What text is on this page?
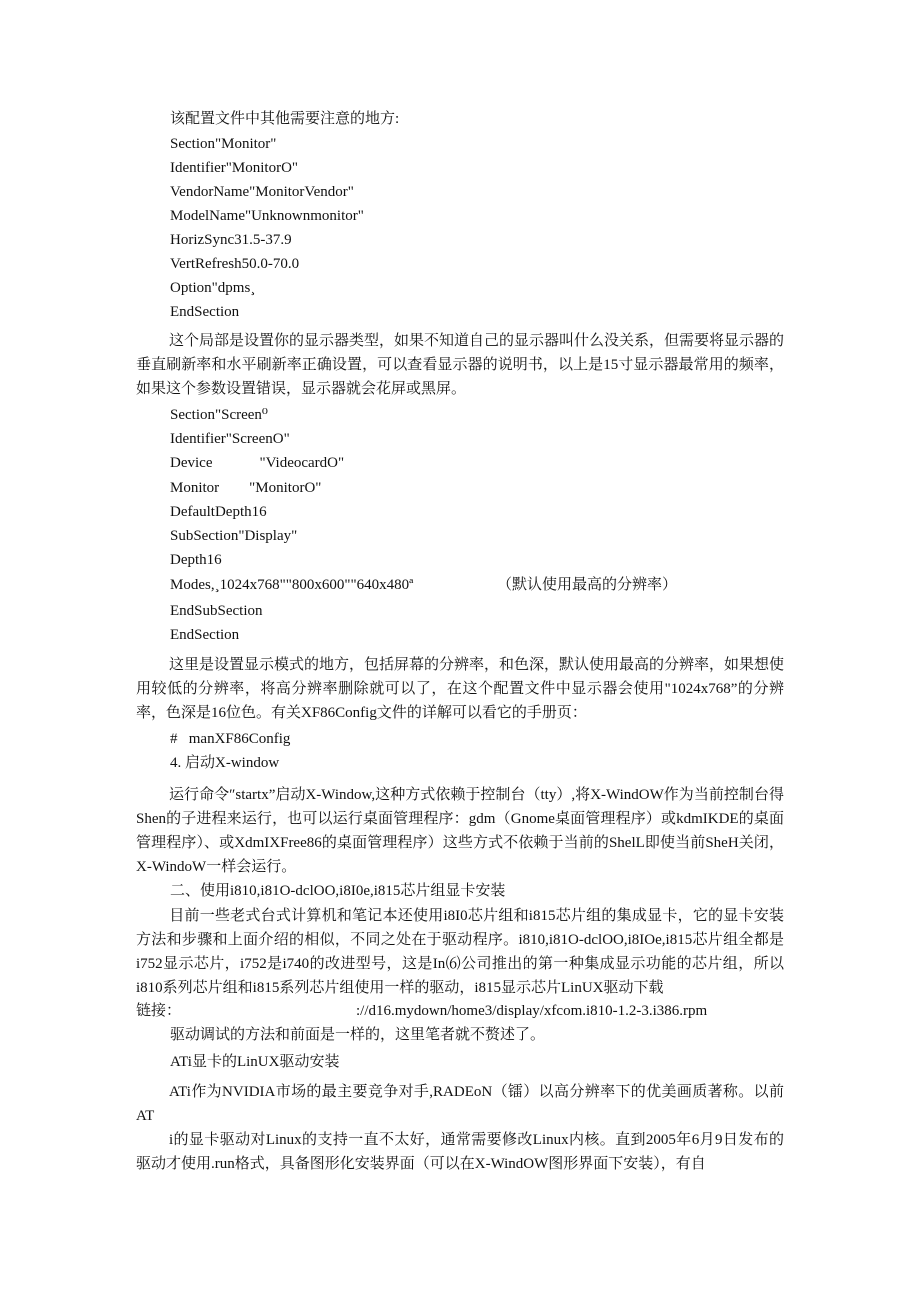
该配置文件中其他需要注意的地方:
Section"Monitor"
Identifier"MonitorO"
VendorName"MonitorVendor"
ModelName"Unknownmonitor"
HorizSync31.5-37.9
VertRefresh50.0-70.0
Option"dpms¸
EndSection
这个局部是设置你的显示器类型，如果不知道自己的显示器叫什么没关系，但需要将显示器的垂直刷新率和水平刷新率正确设置，可以查看显示器的说明书，以上是15寸显示器最常用的频率，如果这个参数设置错误，显示器就会花屏或黑屏。
Section"Screen⁰
Identifier"ScreenO"
Device	"VideocardO"
Monitor "MonitorO"
DefaultDepth16
SubSection"Display"
Depth16
Modes,¸1024x768""800x600""640x480ª	（默认使用最高的分辨率）
EndSubSection
EndSection
这里是设置显示模式的地方，包括屏幕的分辨率，和色深，默认使用最高的分辨率，如果想使用较低的分辨率，将高分辨率删除就可以了，在这个配置文件中显示器会使用"1024x768”的分辨率，色深是16位色。有关XF86Config文件的详解可以看它的手册页：
#   manXF86Config
4. 启动X-window
运行命令″startx”启动X-Window,这种方式依赖于控制台（tty）,将X-WindOW作为当前控制台得Shen的子进程来运行，也可以运行桌面管理程序：gdm（Gnome桌面管理程序）或kdmIKDE的桌面管理程序）、或XdmIXFree86的桌面管理程序）这些方式不依赖于当前的ShelL即使当前SheH关闭，X-WindoW一样会运行。
二、使用i810,i81O-dclOO,i8I0e,i815芯片组显卡安装
目前一些老式台式计算机和笔记本还使用i8I0芯片组和i815芯片组的集成显卡，它的显卡安装方法和步骤和上面介绍的相似，不同之处在于驱动程序。i810,i81O-dclOO,i8IOe,i815芯片组全都是i752显示芯片，i752是i740的改进型号，这是In⑹公司推出的第一种集成显示功能的芯片组，所以i810系列芯片组和i815系列芯片组使用一样的驱动，i815显示芯片LinUX驱动下载
链接：	://d16.mydown/home3/display/xfcom.i810-1.2-3.i386.rpm
驱动调试的方法和前面是一样的，这里笔者就不赘述了。
ATi显卡的LinUX驱动安装
ATi作为NVIDIA市场的最主要竞争对手,RADEoN（镭）以高分辨率下的优美画质著称。以前AT
i的显卡驱动对Linux的支持一直不太好，通常需要修改Linux内核。直到2005年6月9日发布的驱动才使用.run格式，具备图形化安装界面（可以在X-WindOW图形界面下安装），有自
